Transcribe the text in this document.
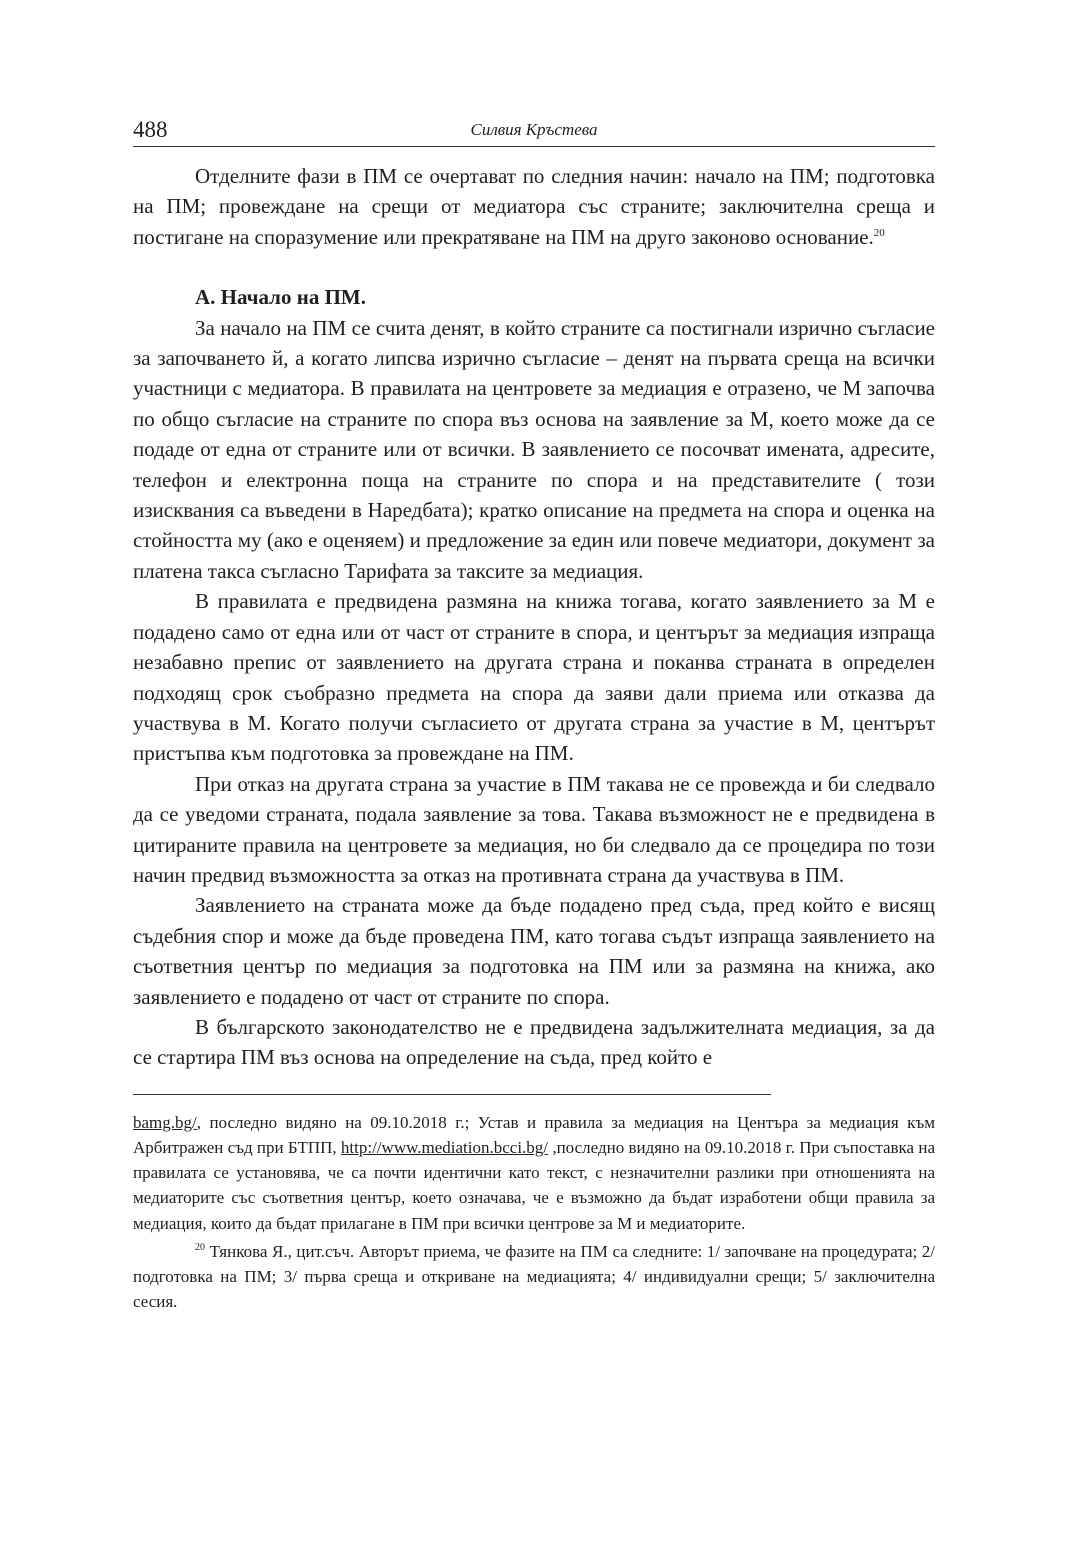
488	Силвия Кръстева

Отделните фази в ПМ се очертават по следния начин: начало на ПМ; подготовка на ПМ; провеждане на срещи от медиатора със страните; заключителна среща и постигане на споразумение или прекратяване на ПМ на друго законово основание.$^{20}$

А. Начало на ПМ.

За начало на ПМ се счита денят, в който страните са постигнали изрично съгласие за започването й, а когато липсва изрично съгласие – денят на първата среща на всички участници с медиатора. В правилата на центровете за медиация е отразено, че М започва по общо съгласие на страните по спора въз основа на заявление за М, което може да се подаде от една от страните или от всички. В заявлението се посочват имената, адресите, телефон и електронна поща на страните по спора и на представителите ( този изисквания са въведени в Наредбата); кратко описание на предмета на спора и оценка на стойността му (ако е оценяем) и предложение за един или повече медиатори, документ за платена такса съгласно Тарифата за таксите за медиация.

В правилата е предвидена размяна на книжа тогава, когато заявлението за М е подадено само от една или от част от страните в спора, и центърът за медиация изпраща незабавно препис от заявлението на другата страна и поканва страната в определен подходящ срок съобразно предмета на спора да заяви дали приема или отказва да участвува в М. Когато получи съгласието от другата страна за участие в М, центърът пристъпва към подготовка за провеждане на ПМ.

При отказ на другата страна за участие в ПМ такава не се провежда и би следвало да се уведоми страната, подала заявление за това. Такава възможност не е предвидена в цитираните правила на центровете за медиация, но би следвало да се процедира по този начин предвид възможността за отказ на противната страна да участвува в ПМ.

Заявлението на страната може да бъде подадено пред съда, пред който е висящ съдебния спор и може да бъде проведена ПМ, като тогава съдът изпраща заявлението на съответния център по медиация за подготовка на ПМ или за размяна на книжа, ако заявлението е подадено от част от страните по спора.

В българското законодателство не е предвидена задължителната медиация, за да се стартира ПМ въз основа на определение на съда, пред който е

bamg.bg/, последно видяно на 09.10.2018 г.; Устав и правила за медиация на Центъра за медиация към Арбитражен съд при БТПП, http://www.mediation.bcci.bg/ ,последно видяно на 09.10.2018 г. При съпоставка на правилата се установява, че са почти идентични като текст, с незначителни разлики при отношенията на медиаторите със съответния център, което означава, че е възможно да бъдат изработени общи правила за медиация, които да бъдат прилагане в ПМ при всички центрове за М и медиаторите.

$^{20}$ Тянкова Я., цит.съч. Авторът приема, че фазите на ПМ са следните: 1/ започване на процедурата; 2/ подготовка на ПМ; 3/ първа среща и откриване на медиацията; 4/ индивидуални срещи; 5/ заключителна сесия.
